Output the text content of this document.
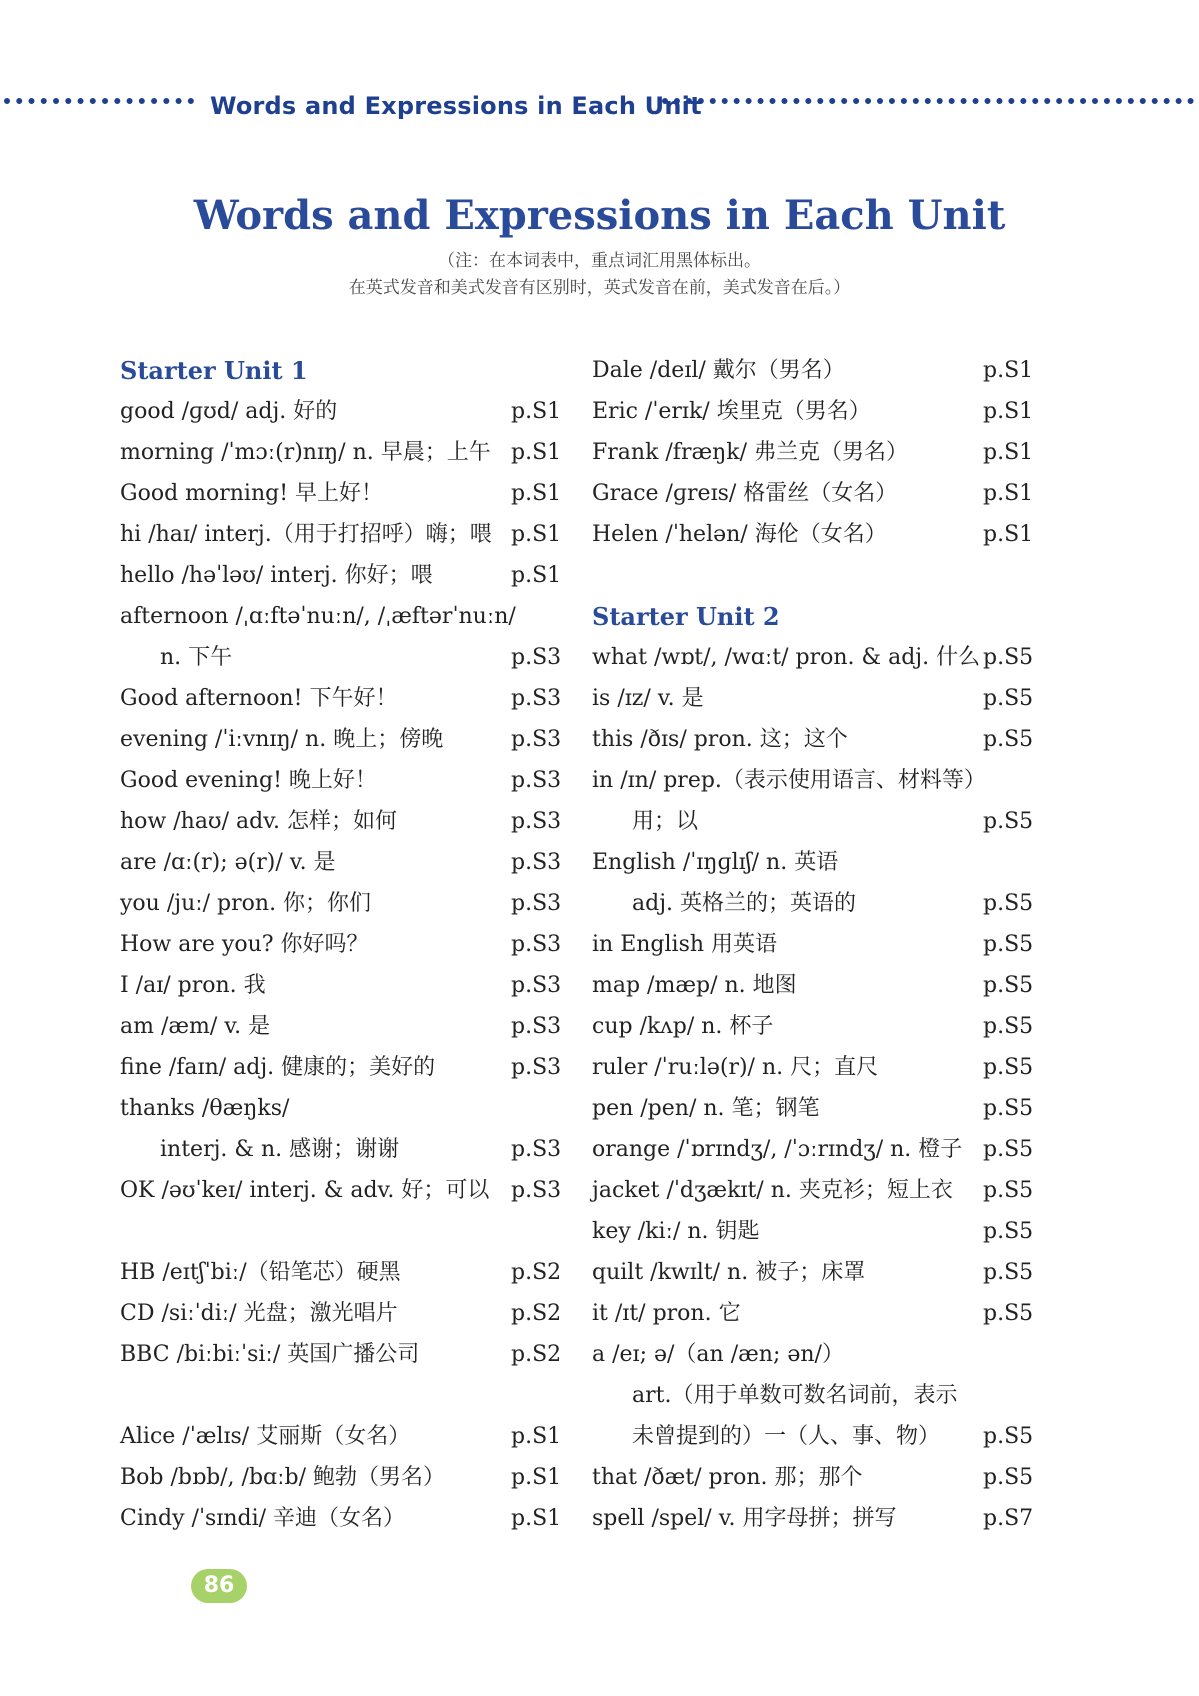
Words and Expressions in Each Unit
Words and Expressions in Each Unit
（注：在本词表中，重点词汇用黑体标出。
在英式发音和美式发音有区别时，英式发音在前，美式发音在后。）
Starter Unit 1
good /ɡʊd/ adj. 好的	p.S1
morning /ˈmɔː(r)nɪŋ/ n. 早晨；上午 p.S1
Good morning! 早上好！	p.S1
hi /haɪ/ interj.（用于打招呼）嗨；喂 p.S1
hello /həˈləʊ/ interj. 你好；喂	p.S1
afternoon /ˌɑːftəˈnuːn/, /ˌæftərˈnuːn/
n. 下午	p.S3
Good afternoon! 下午好！	p.S3
evening /ˈiːvnɪŋ/ n. 晚上；傍晚	p.S3
Good evening! 晚上好！	p.S3
how /haʊ/ adv. 怎样；如何	p.S3
are /ɑː(r); ə(r)/ v. 是	p.S3
you /juː/ pron. 你；你们	p.S3
How are you? 你好吗？	p.S3
I /aɪ/ pron. 我	p.S3
am /æm/ v. 是	p.S3
fine /faɪn/ adj. 健康的；美好的	p.S3
thanks /θæŋks/
interj. & n. 感谢；谢谢	p.S3
OK /əʊˈkeɪ/ interj. & adv. 好；可以 p.S3
HB /eɪtʃˈbiː/（铅笔芯）硬黑	p.S2
CD /siːˈdiː/ 光盘；激光唱片	p.S2
BBC /biːbiːˈsiː/ 英国广播公司	p.S2
Alice /ˈælɪs/ 艾丽斯（女名）	p.S1
Bob /bɒb/, /bɑːb/ 鲍勃（男名）	p.S1
Cindy /ˈsɪndi/ 辛迪（女名）	p.S1
Dale /deɪl/ 戴尔（男名）	p.S1
Eric /ˈerɪk/ 埃里克（男名）	p.S1
Frank /fræŋk/ 弗兰克（男名）	p.S1
Grace /ɡreɪs/ 格雷丝（女名）	p.S1
Helen /ˈhelən/ 海伦（女名）	p.S1
Starter Unit 2
what /wɒt/, /wɑːt/ pron. & adj. 什么 p.S5
is /ɪz/ v. 是	p.S5
this /ðɪs/ pron. 这；这个	p.S5
in /ɪn/ prep.（表示使用语言、材料等）
用；以	p.S5
English /ˈɪŋɡlɪʃ/ n. 英语
adj. 英格兰的；英语的	p.S5
in English 用英语	p.S5
map /mæp/ n. 地图	p.S5
cup /kʌp/ n. 杯子	p.S5
ruler /ˈruːlə(r)/ n. 尺；直尺	p.S5
pen /pen/ n. 笔；钢笔	p.S5
orange /ˈɒrɪndʒ/, /ˈɔːrɪndʒ/ n. 橙子 p.S5
jacket /ˈdʒækɪt/ n. 夹克衫；短上衣 p.S5
key /kiː/ n. 钥匙	p.S5
quilt /kwɪlt/ n. 被子；床罩	p.S5
it /ɪt/ pron. 它	p.S5
a /eɪ; ə/（an /æn; ən/）
art.（用于单数可数名词前，表示
未曾提到的）一（人、事、物） p.S5
that /ðæt/ pron. 那；那个	p.S5
spell /spel/ v. 用字母拼；拼写	p.S7
86
